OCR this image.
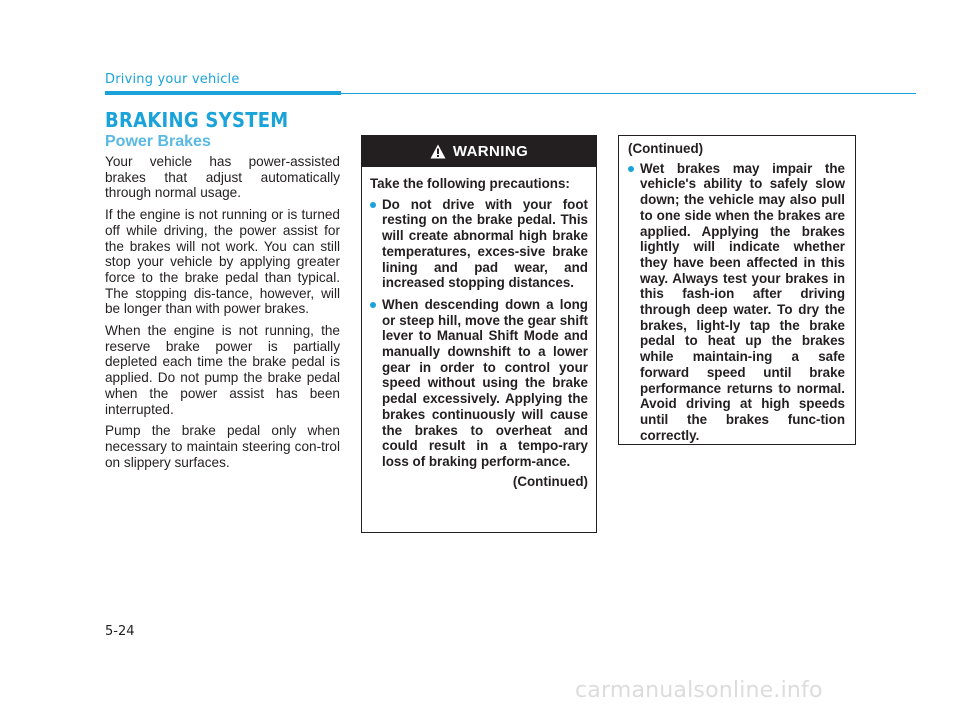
Driving your vehicle
BRAKING SYSTEM
Power Brakes

Your vehicle has power-assisted brakes that adjust automatically through normal usage.

If the engine is not running or is turned off while driving, the power assist for the brakes will not work. You can still stop your vehicle by applying greater force to the brake pedal than typical. The stopping dis-tance, however, will be longer than with power brakes.

When the engine is not running, the reserve brake power is partially depleted each time the brake pedal is applied. Do not pump the brake pedal when the power assist has been interrupted.

Pump the brake pedal only when necessary to maintain steering con-trol on slippery surfaces.

WARNING

Take the following precautions:

Do not drive with your foot resting on the brake pedal. This will create abnormal high brake temperatures, exces-sive brake lining and pad wear, and increased stopping distances.
When descending down a long or steep hill, move the gear shift lever to Manual Shift Mode and manually downshift to a lower gear in order to control your speed without using the brake pedal excessively. Applying the brakes continuously will cause the brakes to overheat and could result in a tempo-rary loss of braking perform-ance.
(Continued)

(Continued)

Wet brakes may impair the vehicle's ability to safely slow down; the vehicle may also pull to one side when the brakes are applied. Applying the brakes lightly will indicate whether they have been affected in this way. Always test your brakes in this fash-ion after driving through deep water. To dry the brakes, light-ly tap the brake pedal to heat up the brakes while maintain-ing a safe forward speed until brake performance returns to normal. Avoid driving at high speeds until the brakes func-tion correctly.
5-24
carmanualsonline.info
